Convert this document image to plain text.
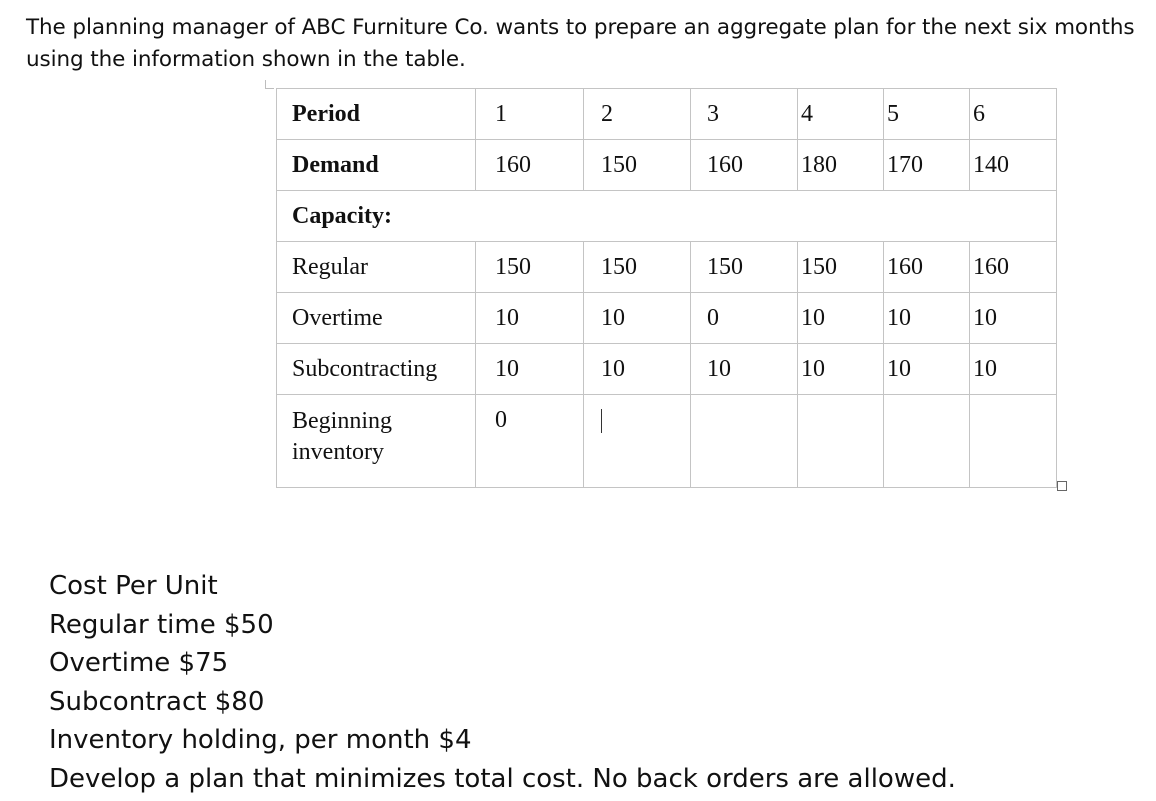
The planning manager of ABC Furniture Co. wants to prepare an aggregate plan for the next six months using the information shown in the table.
Period	1	2	3	4	5	6
Demand	160	150	160	180	170	140
Capacity:						
Regular	150	150	150	150	160	160
Overtime	10	10	0	10	10	10
Subcontracting	10	10	10	10	10	10
Beginning inventory	0					
Cost Per Unit
Regular time $50
Overtime $75
Subcontract $80
Inventory holding, per month $4
Develop a plan that minimizes total cost. No back orders are allowed.
